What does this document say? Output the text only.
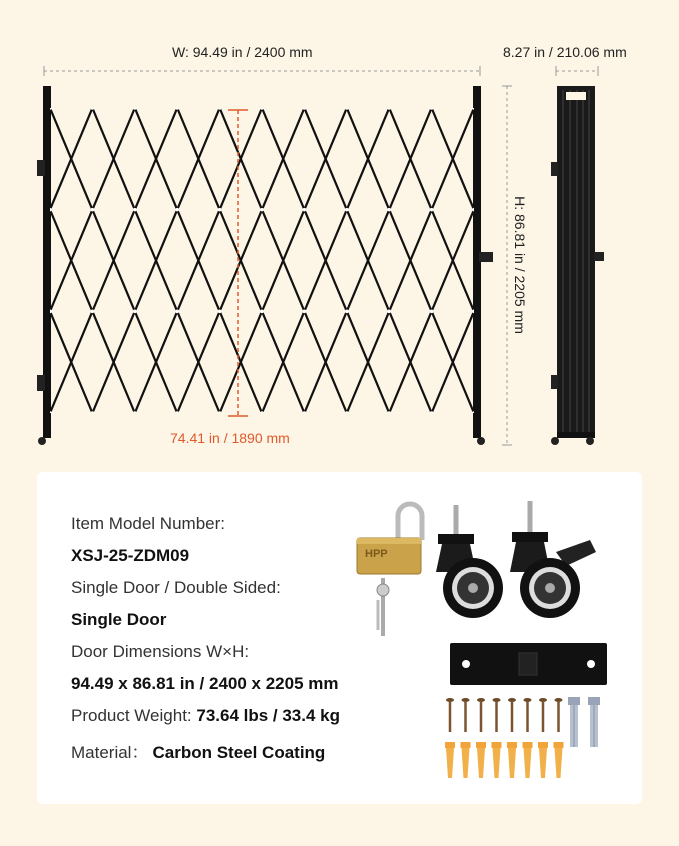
W: 94.49 in / 2400 mm	8.27 in / 210.06 mm
H: 86.81 in / 2205 mm
74.41 in / 1890 mm
Item Model Number:
XSJ-25-ZDM09
Single Door / Double Sided:
Single Door
Door Dimensions W×H:
94.49 x 86.81 in / 2400 x 2205 mm
Product Weight: 73.64 lbs / 33.4 kg
Material： Carbon Steel Coating
HPP
